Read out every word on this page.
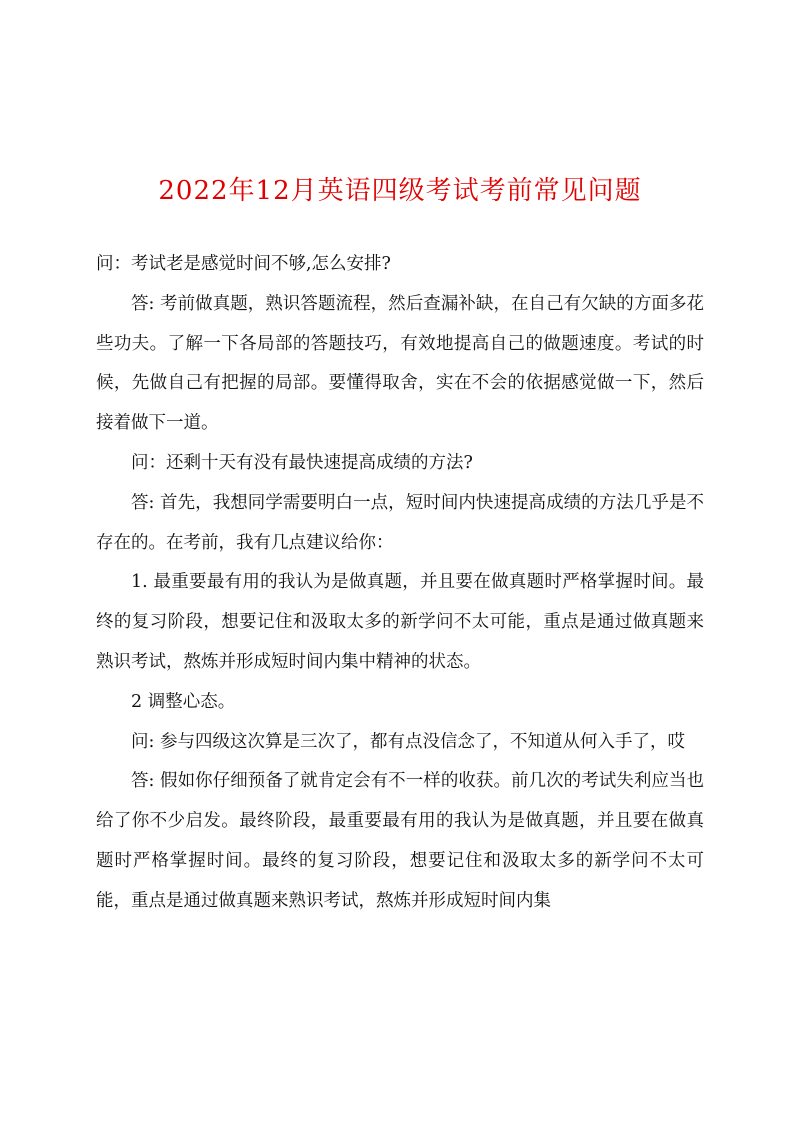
2022年12月英语四级考试考前常见问题

问：考试老是感觉时间不够,怎么安排?

答: 考前做真题，熟识答题流程，然后查漏补缺，在自己有欠缺的方面多花些功夫。了解一下各局部的答题技巧，有效地提高自己的做题速度。考试的时候，先做自己有把握的局部。要懂得取舍，实在不会的依据感觉做一下，然后接着做下一道。

问：还剩十天有没有最快速提高成绩的方法?

答: 首先，我想同学需要明白一点，短时间内快速提高成绩的方法几乎是不存在的。在考前，我有几点建议给你：

1. 最重要最有用的我认为是做真题，并且要在做真题时严格掌握时间。最终的复习阶段，想要记住和汲取太多的新学问不太可能，重点是通过做真题来熟识考试，熬炼并形成短时间内集中精神的状态。

2 调整心态。

问: 参与四级这次算是三次了，都有点没信念了，不知道从何入手了，哎

答: 假如你仔细预备了就肯定会有不一样的收获。前几次的考试失利应当也给了你不少启发。最终阶段，最重要最有用的我认为是做真题，并且要在做真题时严格掌握时间。最终的复习阶段，想要记住和汲取太多的新学问不太可能，重点是通过做真题来熟识考试，熬炼并形成短时间内集
